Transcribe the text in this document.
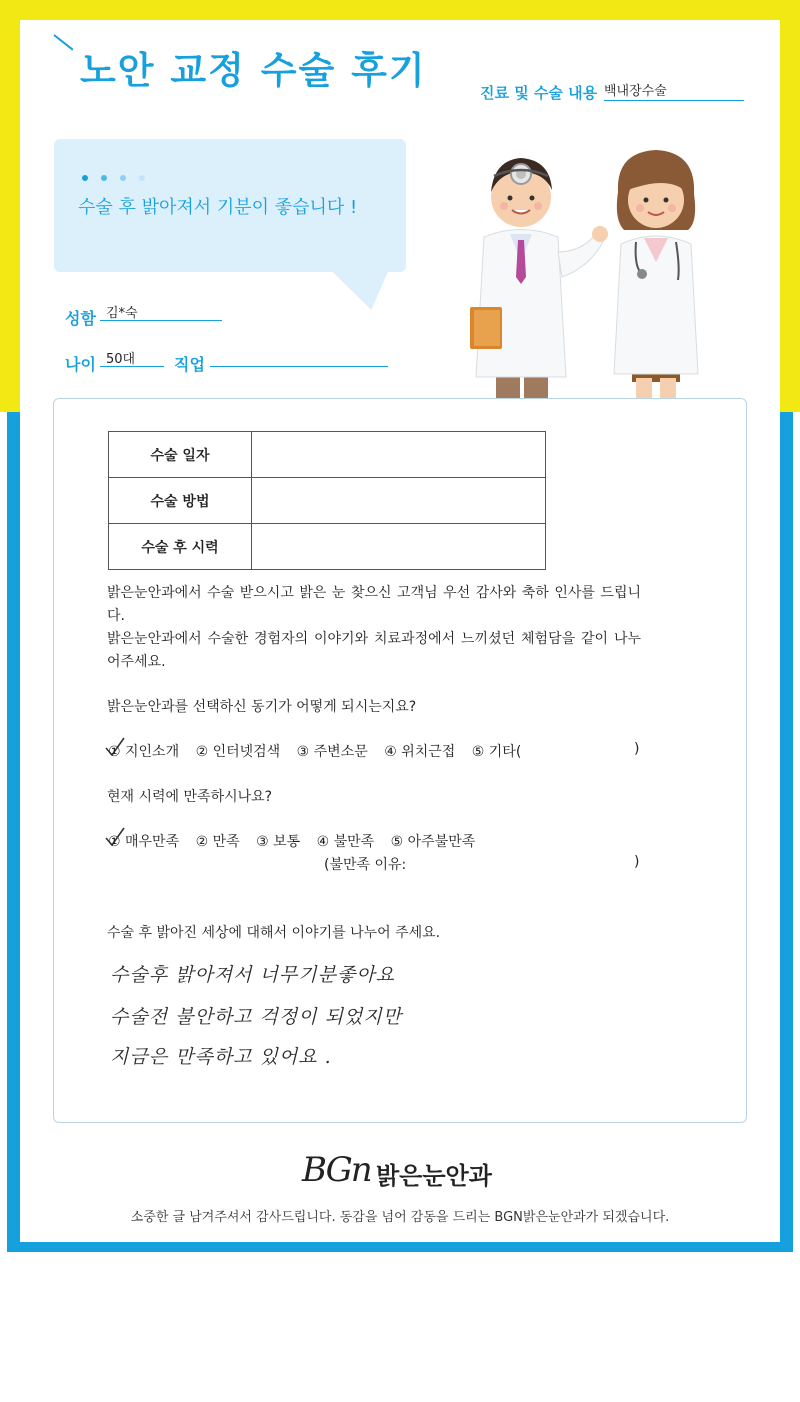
노안 교정 수술 후기
진료 및 수술 내용 백내장수술
수술 후 밝아져서 기분이 좋습니다 !
성함 김*숙
나이 50대	직업
수술 일자	
수술 방법	
수술 후 시력	
밝은눈안과에서 수술 받으시고 밝은 눈 찾으신 고객님 우선 감사와 축하 인사를 드립니다.
밝은눈안과에서 수술한 경험자의 이야기와 치료과정에서 느끼셨던 체험담을 같이 나누어주세요.
밝은눈안과를 선택하신 동기가 어떻게 되시는지요?
① 지인소개 ② 인터넷검색 ③ 주변소문 ④ 위치근접 ⑤ 기타(	)
현재 시력에 만족하시나요?
① 매우만족 ② 만족 ③ 보통 ④ 불만족 ⑤ 아주불만족
(불만족 이유:	)
수술 후 밝아진 세상에 대해서 이야기를 나누어 주세요.
수술후 밝아져서 너무기분좋아요
수술전 불안하고 걱정이 되었지만
지금은 만족하고 있어요 .
BGn 밝은눈안과
소중한 글 남겨주셔서 감사드립니다. 동감을 넘어 감동을 드리는 BGN밝은눈안과가 되겠습니다.
